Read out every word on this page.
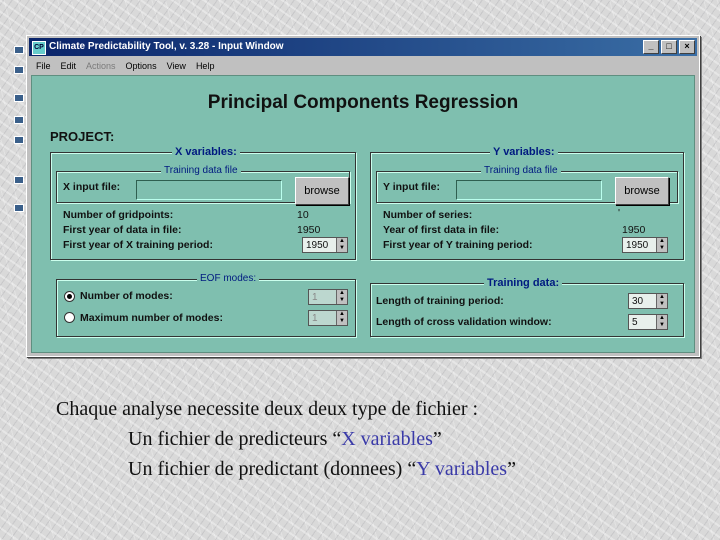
CP Climate Predictability Tool, v. 3.28 - Input Window	_ □ ×
File Edit Actions Options View Help
Principal Components Regression
PROJECT:
X variables:
Training data file
X input file:	browse
Number of gridpoints:	10
First year of data in file:	1950
First year of X training period:	1950	▲
▼
EOF modes:
Number of modes:	1	▲
▼
Maximum number of modes:	1	▲
▼
Y variables:
Training data file
Y input file:	browse
Number of series:	'
Year of first data in file:	1950
First year of Y training period:	1950	▲
▼
Training data:
Length of training period:	30	▲
▼
Length of cross validation window:	5	▲
▼
Chaque analyse necessite deux deux type de fichier :
Un fichier de predicteurs “X variables”
Un fichier de predictant (donnees) “Y variables”
